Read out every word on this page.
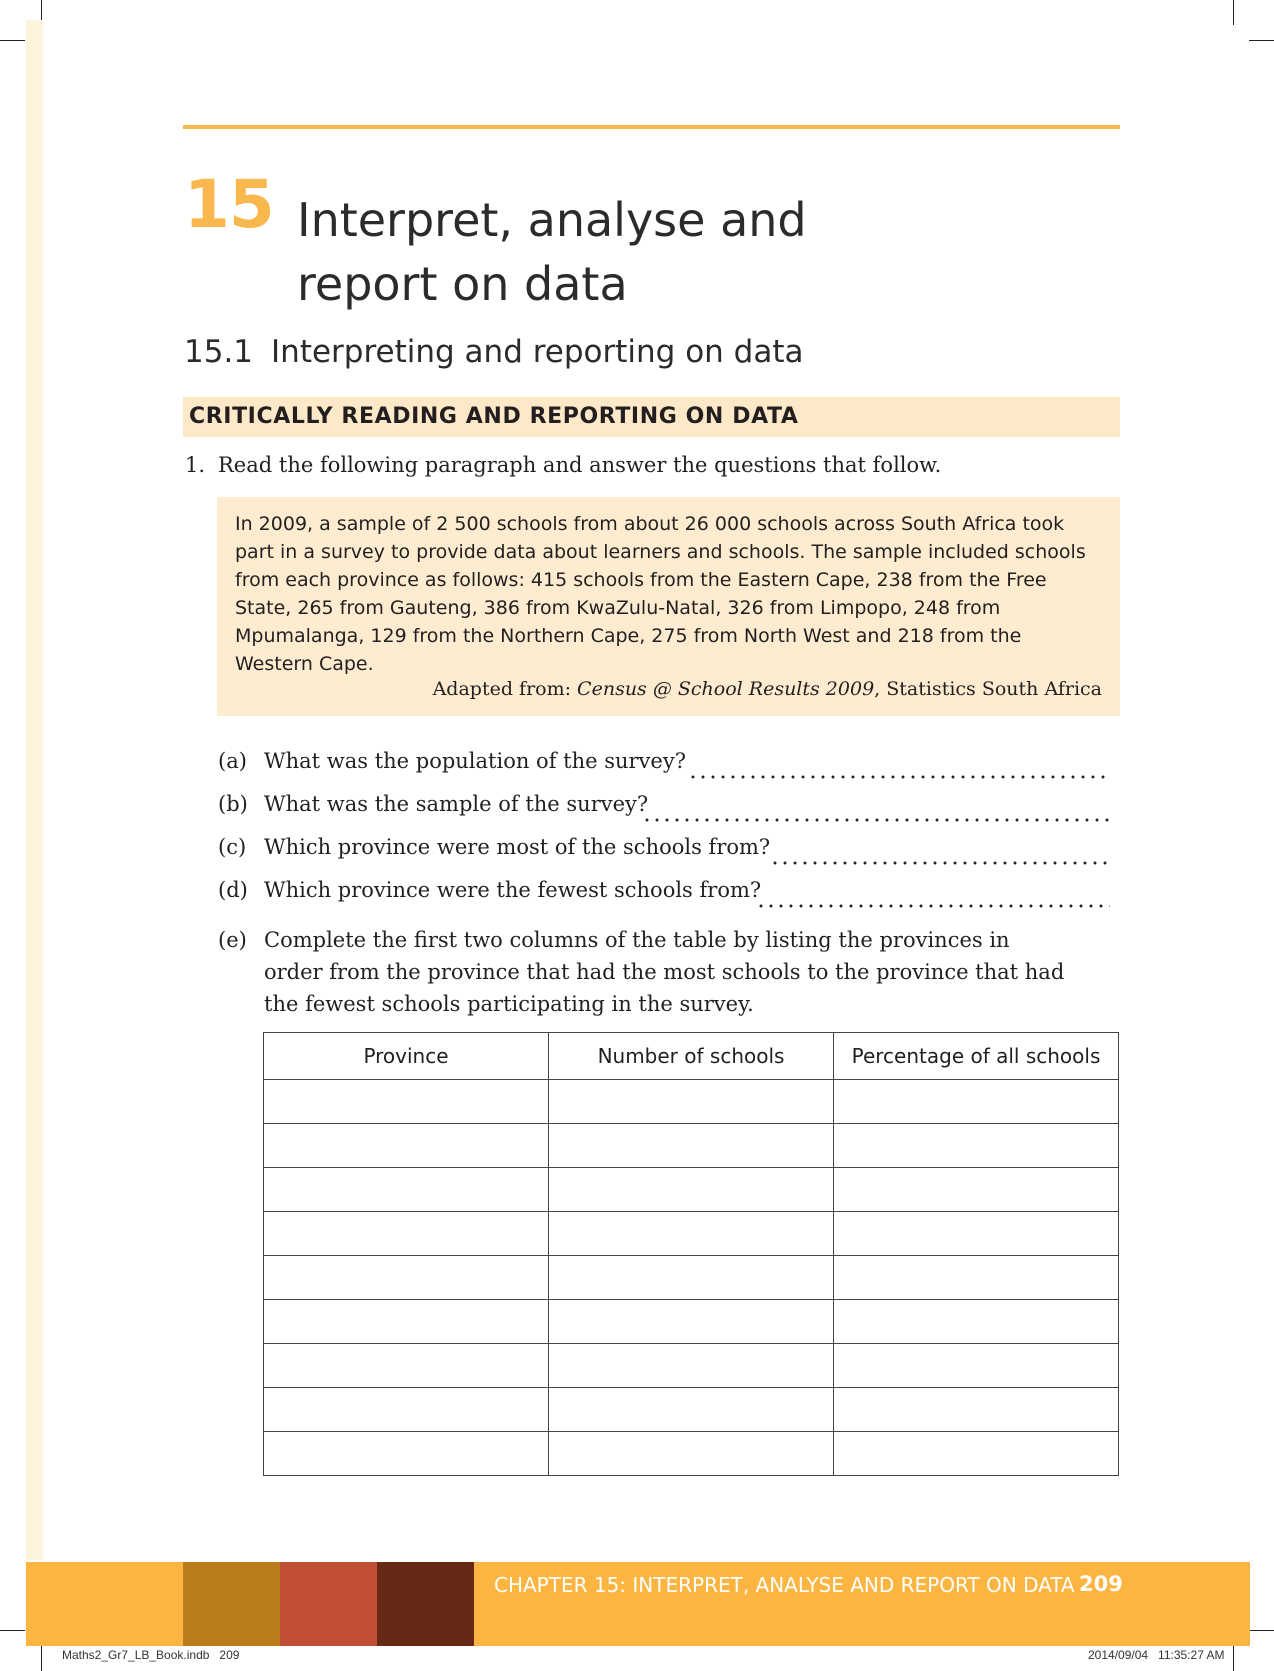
15 Interpret, analyse and
report on data
15.1 Interpreting and reporting on data
CRITICALLY READING AND REPORTING ON DATA
1. Read the following paragraph and answer the questions that follow.
In 2009, a sample of 2 500 schools from about 26 000 schools across South Africa took part in a survey to provide data about learners and schools. The sample included schools from each province as follows: 415 schools from the Eastern Cape, 238 from the Free State, 265 from Gauteng, 386 from KwaZulu-Natal, 326 from Limpopo, 248 from Mpumalanga, 129 from the Northern Cape, 275 from North West and 218 from the Western Cape.
Adapted from: Census @ School Results 2009, Statistics South Africa
(a) What was the population of the survey?
(b) What was the sample of the survey?
(c) Which province were most of the schools from?
(d) Which province were the fewest schools from?
(e) Complete the first two columns of the table by listing the provinces in order from the province that had the most schools to the province that had the fewest schools participating in the survey.
Province	Number of schools	Percentage of all schools

CHAPTER 15: INTERPRET, ANALYSE AND REPORT ON DATA 209
Maths2_Gr7_LB_Book.indb   209	2014/09/04   11:35:27 AM
